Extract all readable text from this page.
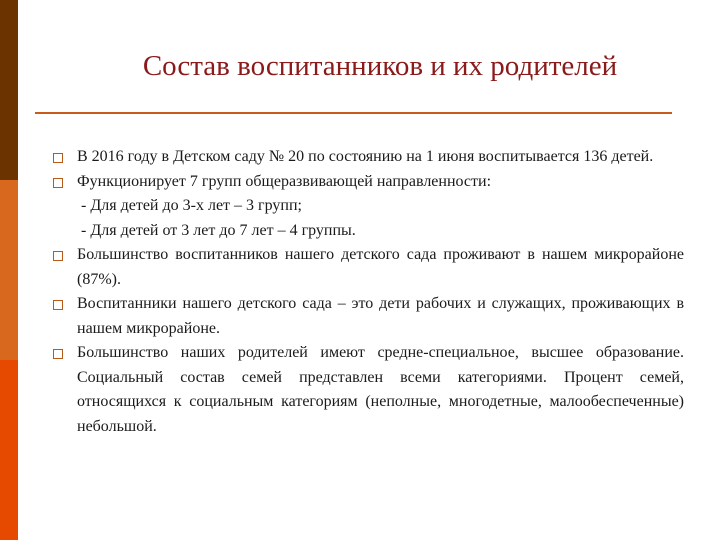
Состав воспитанников и их родителей
В 2016 году в Детском саду № 20 по состоянию на 1 июня воспитывается 136 детей.
Функционирует 7 групп общеразвивающей направленности:
- Для детей до 3-х лет – 3 групп;
- Для детей от 3 лет до 7 лет – 4 группы.
Большинство воспитанников нашего детского сада проживают в нашем микрорайоне (87%).
Воспитанники нашего детского сада – это дети рабочих и служащих, проживающих в нашем микрорайоне.
Большинство наших родителей имеют средне-специальное, высшее образование. Социальный состав семей представлен всеми категориями. Процент семей, относящихся к социальным категориям (неполные, многодетные, малообеспеченные) небольшой.
